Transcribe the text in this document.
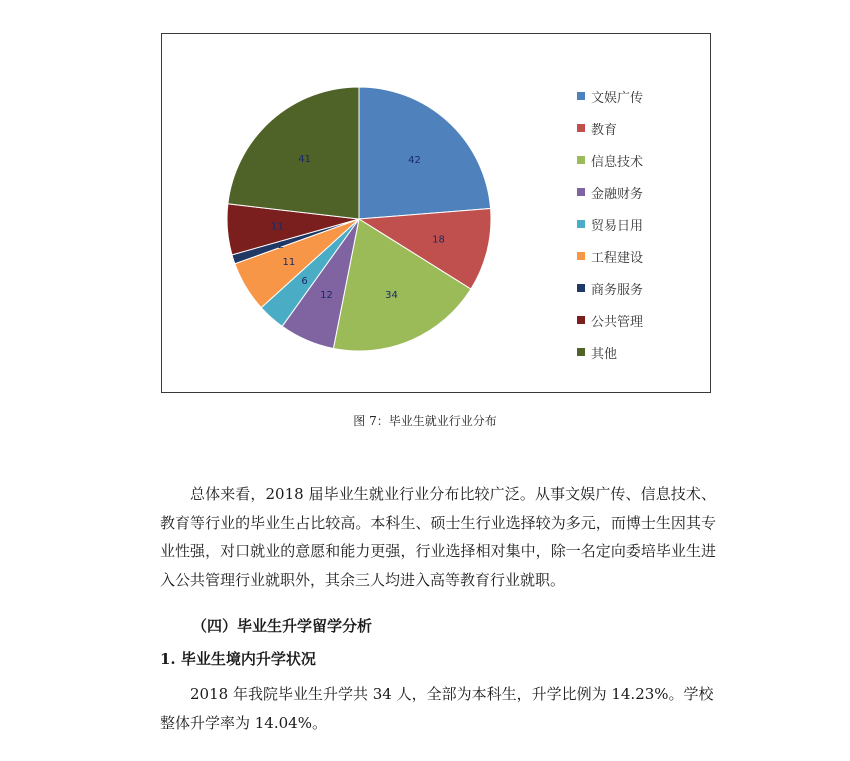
42
18
34
12
6
11
2
11
41
文娱广传
教育
信息技术
金融财务
贸易日用
工程建设
商务服务
公共管理
其他
图 7：毕业生就业行业分布

总体来看，2018 届毕业生就业行业分布比较广泛。从事文娱广传、信息技术、教育等行业的毕业生占比较高。本科生、硕士生行业选择较为多元，而博士生因其专业性强，对口就业的意愿和能力更强，行业选择相对集中，除一名定向委培毕业生进入公共管理行业就职外，其余三人均进入高等教育行业就职。

（四）毕业生升学留学分析

1. 毕业生境内升学状况

2018 年我院毕业生升学共 34 人，全部为本科生，升学比例为 14.23%。学校整体升学率为 14.04%。
